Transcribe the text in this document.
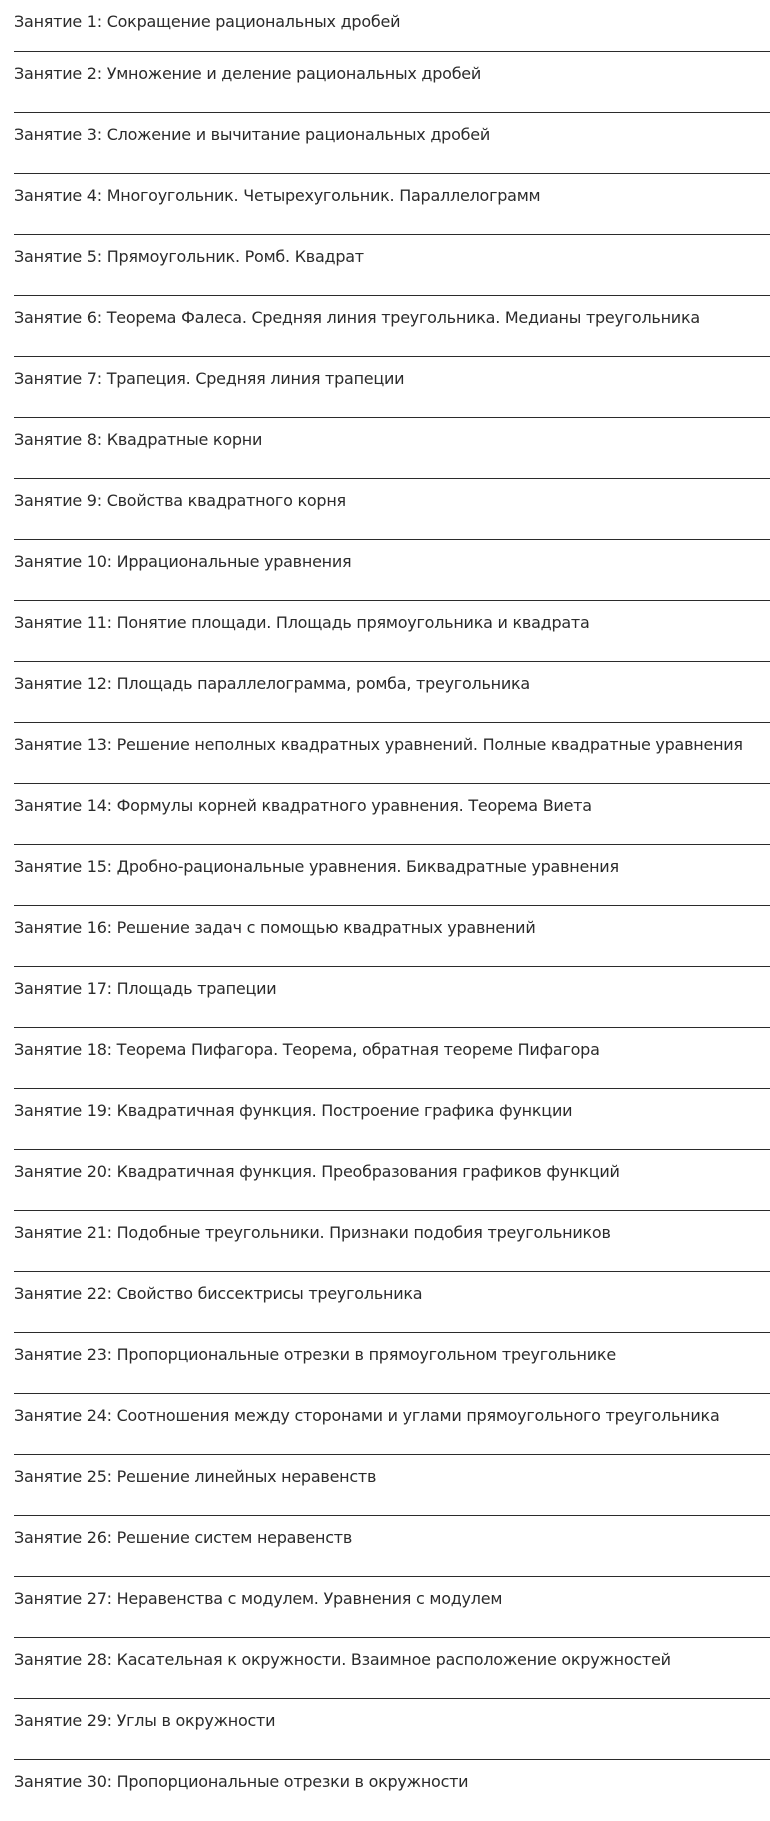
Занятие 1: Сокращение рациональных дробей
Занятие 2: Умножение и деление рациональных дробей
Занятие 3: Сложение и вычитание рациональных дробей
Занятие 4: Многоугольник. Четырехугольник. Параллелограмм
Занятие 5: Прямоугольник. Ромб. Квадрат
Занятие 6: Теорема Фалеса. Средняя линия треугольника. Медианы треугольника
Занятие 7: Трапеция. Средняя линия трапеции
Занятие 8: Квадратные корни
Занятие 9: Свойства квадратного корня
Занятие 10: Иррациональные уравнения
Занятие 11: Понятие площади. Площадь прямоугольника и квадрата
Занятие 12: Площадь параллелограмма, ромба, треугольника
Занятие 13: Решение неполных квадратных уравнений. Полные квадратные уравнения
Занятие 14: Формулы корней квадратного уравнения. Теорема Виета
Занятие 15: Дробно-рациональные уравнения. Биквадратные уравнения
Занятие 16: Решение задач с помощью квадратных уравнений
Занятие 17: Площадь трапеции
Занятие 18: Теорема Пифагора. Теорема, обратная теореме Пифагора
Занятие 19: Квадратичная функция. Построение графика функции
Занятие 20: Квадратичная функция. Преобразования графиков функций
Занятие 21: Подобные треугольники. Признаки подобия треугольников
Занятие 22: Свойство биссектрисы треугольника
Занятие 23: Пропорциональные отрезки в прямоугольном треугольнике
Занятие 24: Соотношения между сторонами и углами прямоугольного треугольника
Занятие 25: Решение линейных неравенств
Занятие 26: Решение систем неравенств
Занятие 27: Неравенства с модулем. Уравнения с модулем
Занятие 28: Касательная к окружности. Взаимное расположение окружностей
Занятие 29: Углы в окружности
Занятие 30: Пропорциональные отрезки в окружности
